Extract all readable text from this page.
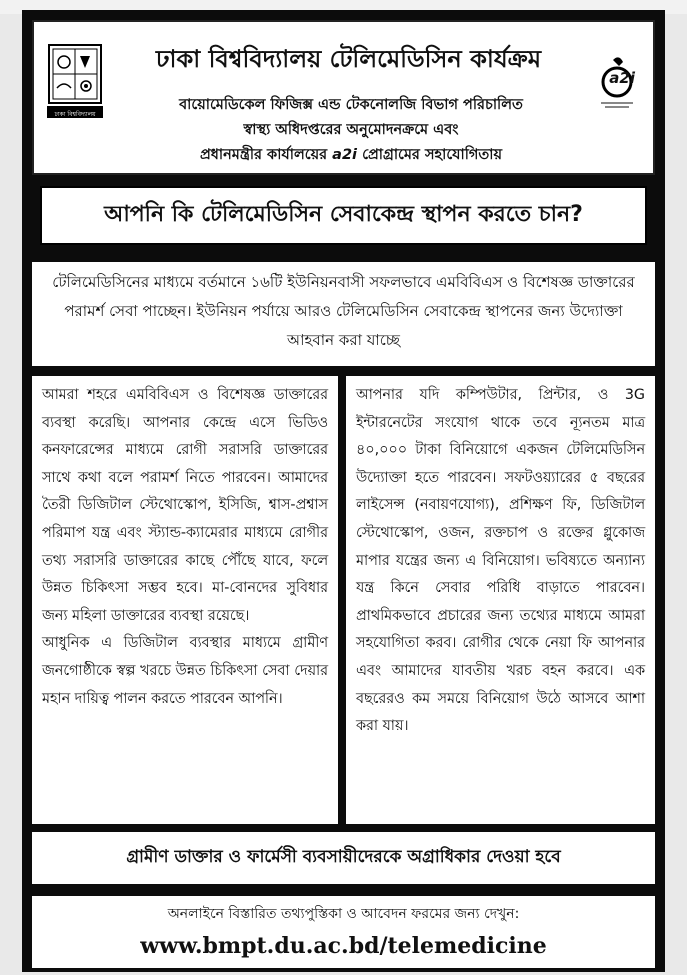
ঢাকা বিশ্ববিদ্যালয়
ঢাকা বিশ্ববিদ্যালয় টেলিমেডিসিন কার্যক্রম
a2i
বায়োমেডিকেল ফিজিক্স এন্ড টেকনোলজি বিভাগ পরিচালিত
স্বাস্থ্য অধিদপ্তরের অনুমোদনক্রমে এবং
প্রধানমন্ত্রীর কার্যালয়ের a2i প্রোগ্রামের সহাযোগিতায়
আপনি কি টেলিমেডিসিন সেবাকেন্দ্র স্থাপন করতে চান?
টেলিমেডিসিনের মাধ্যমে বর্তমানে ১৬টি ইউনিয়নবাসী সফলভাবে এমবিবিএস ও বিশেষজ্ঞ ডাক্তারের পরামর্শ সেবা পাচ্ছেন। ইউনিয়ন পর্যায়ে আরও টেলিমেডিসিন সেবাকেন্দ্র স্থাপনের জন্য উদ্যোক্তা আহবান করা যাচ্ছে

আমরা শহরে এমবিবিএস ও বিশেষজ্ঞ ডাক্তারের ব্যবস্থা করেছি। আপনার কেন্দ্রে এসে ভিডিও কনফারেন্সের মাধ্যমে রোগী সরাসরি ডাক্তারের সাথে কথা বলে পরামর্শ নিতে পারবেন। আমাদের তৈরী ডিজিটাল স্টেথোস্কোপ, ইসিজি, শ্বাস-প্রশ্বাস পরিমাপ যন্ত্র এবং স্ট্যান্ড-ক্যামেরার মাধ্যমে রোগীর তথ্য সরাসরি ডাক্তারের কাছে পৌঁছে যাবে, ফলে উন্নত চিকিৎসা সম্ভব হবে। মা-বোনদের সুবিধার জন্য মহিলা ডাক্তারের ব্যবস্থা রয়েছে।

আধুনিক এ ডিজিটাল ব্যবস্থার মাধ্যমে গ্রামীণ জনগোষ্ঠীকে স্বল্প খরচে উন্নত চিকিৎসা সেবা দেয়ার মহান দায়িত্ব পালন করতে পারবেন আপনি।

আপনার যদি কম্পিউটার, প্রিন্টার, ও 3G ইন্টারনেটের সংযোগ থাকে তবে ন্যূনতম মাত্র ৪০,০০০ টাকা বিনিয়োগে একজন টেলিমেডিসিন উদ্যোক্তা হতে পারবেন। সফটওয়্যারের ৫ বছরের লাইসেন্স (নবায়ণযোগ্য), প্রশিক্ষণ ফি, ডিজিটাল স্টেথোস্কোপ, ওজন, রক্তচাপ ও রক্তের গ্লুকোজ মাপার যন্ত্রের জন্য এ বিনিয়োগ। ভবিষ্যতে অন্যান্য যন্ত্র কিনে সেবার পরিধি বাড়াতে পারবেন। প্রাথমিকভাবে প্রচারের জন্য তথ্যের মাধ্যমে আমরা সহযোগিতা করব। রোগীর থেকে নেয়া ফি আপনার এবং আমাদের যাবতীয় খরচ বহন করবে। এক বছরেরও কম সময়ে বিনিয়োগ উঠে আসবে আশা করা যায়।

গ্রামীণ ডাক্তার ও ফার্মেসী ব্যবসায়ীদেরকে অগ্রাধিকার দেওয়া হবে
অনলাইনে বিস্তারিত তথ্যপুস্তিকা ও আবেদন ফরমের জন্য দেখুন:
www.bmpt.du.ac.bd/telemedicine
